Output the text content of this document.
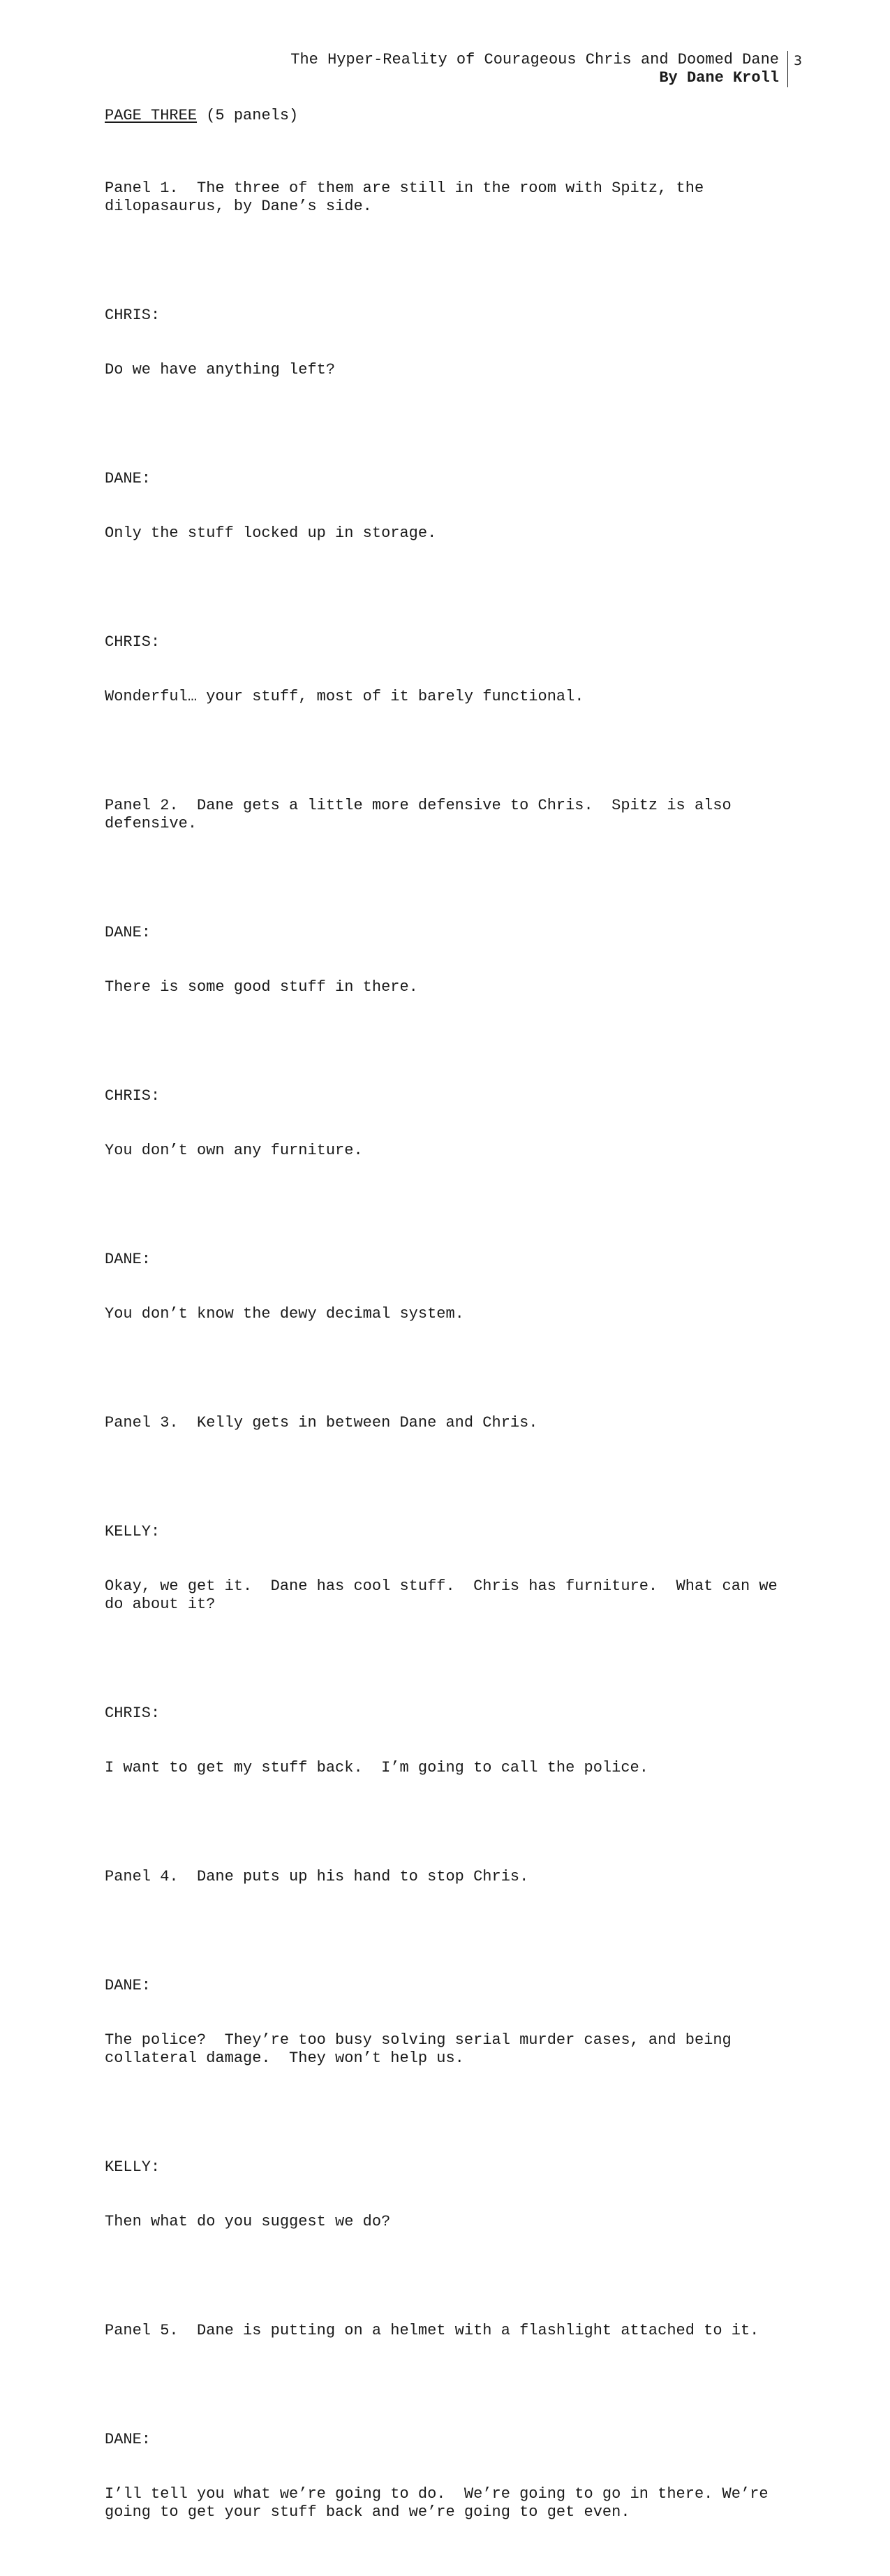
The Hyper-Reality of Courageous Chris and Doomed Dane
By Dane Kroll
3
PAGE THREE (5 panels)

Panel 1.  The three of them are still in the room with Spitz, the dilopasaurus, by Dane’s side.

CHRIS:

Do we have anything left?

DANE:

Only the stuff locked up in storage.

CHRIS:

Wonderful… your stuff, most of it barely functional.

Panel 2.  Dane gets a little more defensive to Chris.  Spitz is also defensive.

DANE:

There is some good stuff in there.

CHRIS:

You don’t own any furniture.

DANE:

You don’t know the dewy decimal system.

Panel 3.  Kelly gets in between Dane and Chris.

KELLY:

Okay, we get it.  Dane has cool stuff.  Chris has furniture.  What can we do about it?

CHRIS:

I want to get my stuff back.  I’m going to call the police.

Panel 4.  Dane puts up his hand to stop Chris.

DANE:

The police?  They’re too busy solving serial murder cases, and being collateral damage.  They won’t help us.

KELLY:

Then what do you suggest we do?

Panel 5.  Dane is putting on a helmet with a flashlight attached to it.

DANE:

I’ll tell you what we’re going to do.  We’re going to go in there. We’re going to get your stuff back and we’re going to get even.
